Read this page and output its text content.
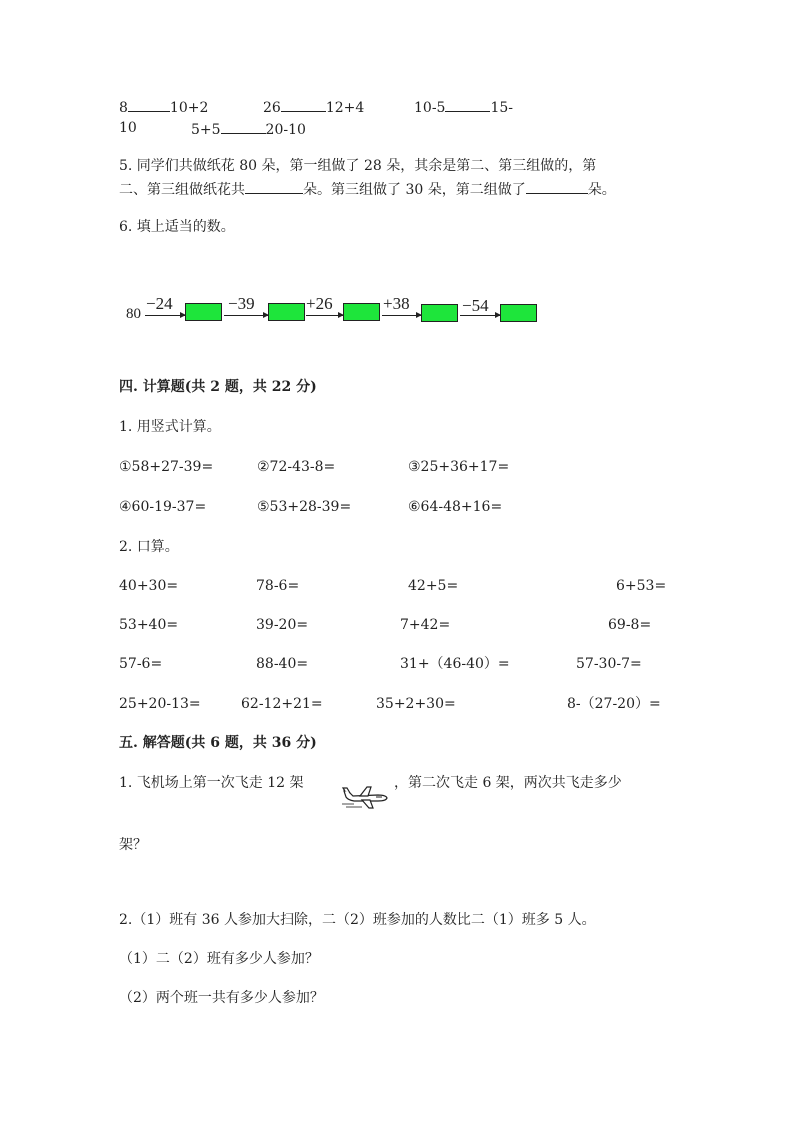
8	10+2	26	12+4	10-5	15-
10	5+5	20-10
5. 同学们共做纸花 80 朵，第一组做了 28 朵，其余是第二、第三组做的，第
二、第三组做纸花共	朵。第三组做了 30 朵，第二组做了	朵。
6. 填上适当的数。
80
−24	−39	+26	+38	−54
四. 计算题(共 2 题，共 22 分)
1. 用竖式计算。
①58+27-39=	②72-43-8=	③25+36+17=
④60-19-37=	⑤53+28-39=	⑥64-48+16=
2. 口算。
40+30=	78-6=	42+5=	6+53=
53+40=	39-20=	7+42=	69-8=
57-6=	88-40=	31+（46-40）=	57-30-7=
25+20-13=	62-12+21=	35+2+30=	8-（27-20）=
五. 解答题(共 6 题，共 36 分)
1. 飞机场上第一次飞走 12 架	，第二次飞走 6 架，两次共飞走多少
架？
2.（1）班有 36 人参加大扫除，二（2）班参加的人数比二（1）班多 5 人。
（1）二（2）班有多少人参加？
（2）两个班一共有多少人参加？
